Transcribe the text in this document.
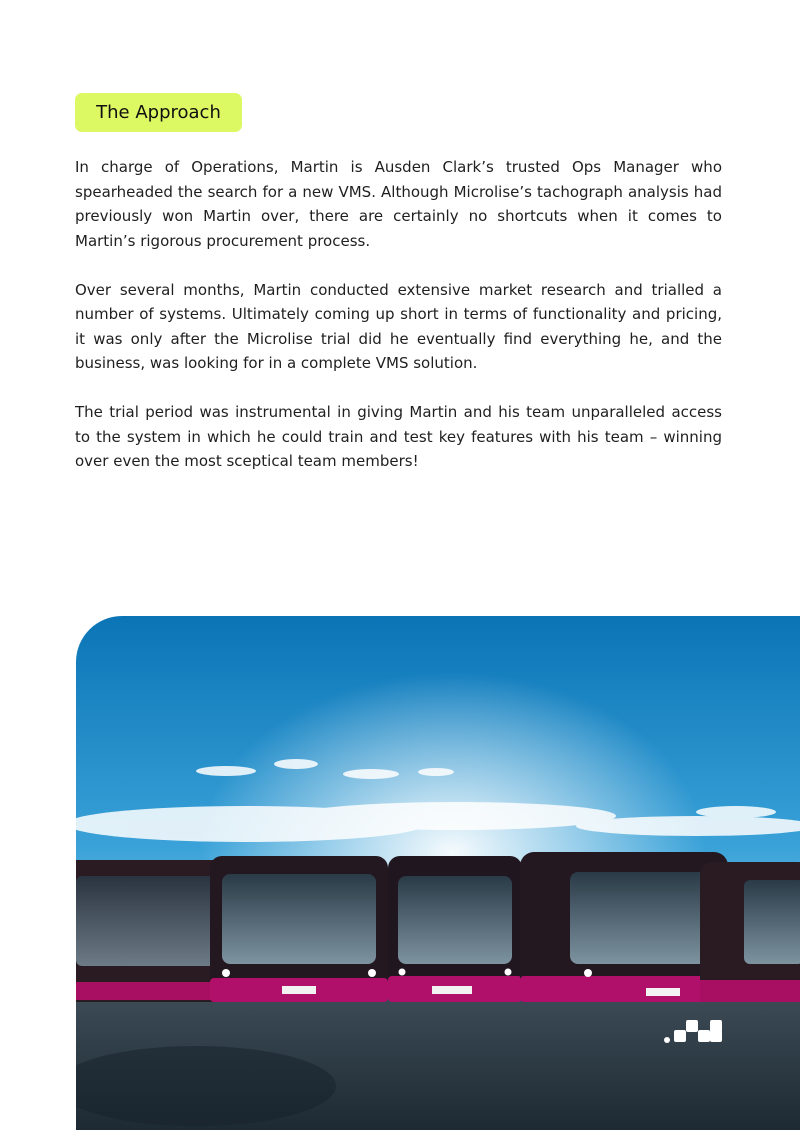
The Approach

In charge of Operations, Martin is Ausden Clark’s trusted Ops Manager who spearheaded the search for a new VMS. Although Microlise’s tachograph analysis had previously won Martin over, there are certainly no shortcuts when it comes to Martin’s rigorous procurement process.

Over several months, Martin conducted extensive market research and trialled a number of systems. Ultimately coming up short in terms of functionality and pricing, it was only after the Microlise trial did he eventually find everything he, and the business, was looking for in a complete VMS solution.

The trial period was instrumental in giving Martin and his team unparalleled access to the system in which he could train and test key features with his team – winning over even the most sceptical team members!
